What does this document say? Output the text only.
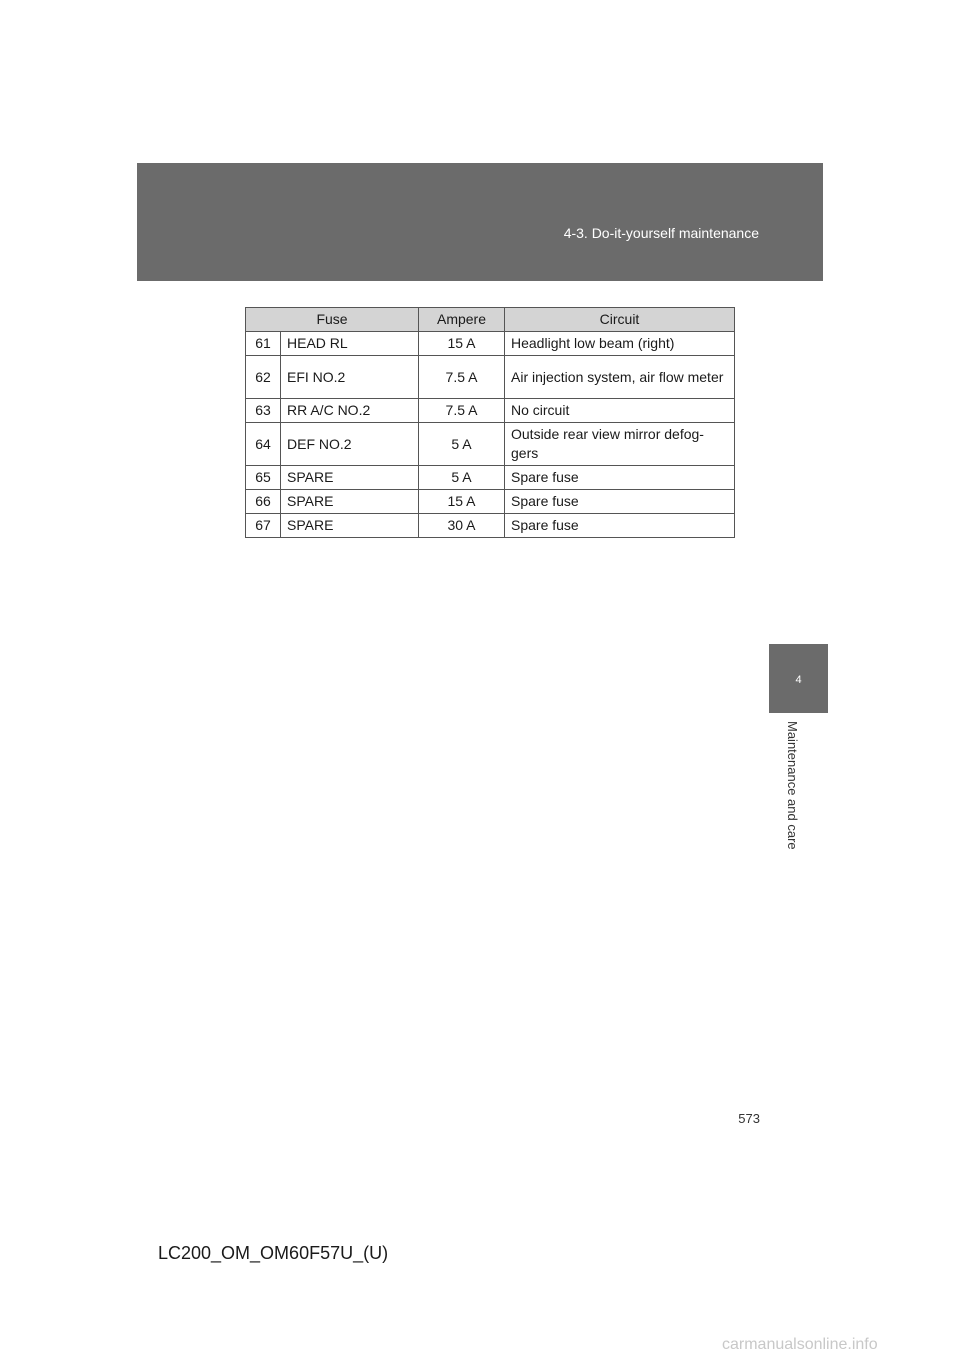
4-3. Do-it-yourself maintenance
4
Maintenance and care
Fuse		Ampere	Circuit
61	HEAD RL	15 A	Headlight low beam (right)
62	EFI NO.2	7.5 A	Air injection system, air flow meter
63	RR A/C NO.2	7.5 A	No circuit
64	DEF NO.2	5 A	Outside rear view mirror defog-gers
65	SPARE	5 A	Spare fuse
66	SPARE	15 A	Spare fuse
67	SPARE	30 A	Spare fuse
573
LC200_OM_OM60F57U_(U)
carmanualsonline.info
